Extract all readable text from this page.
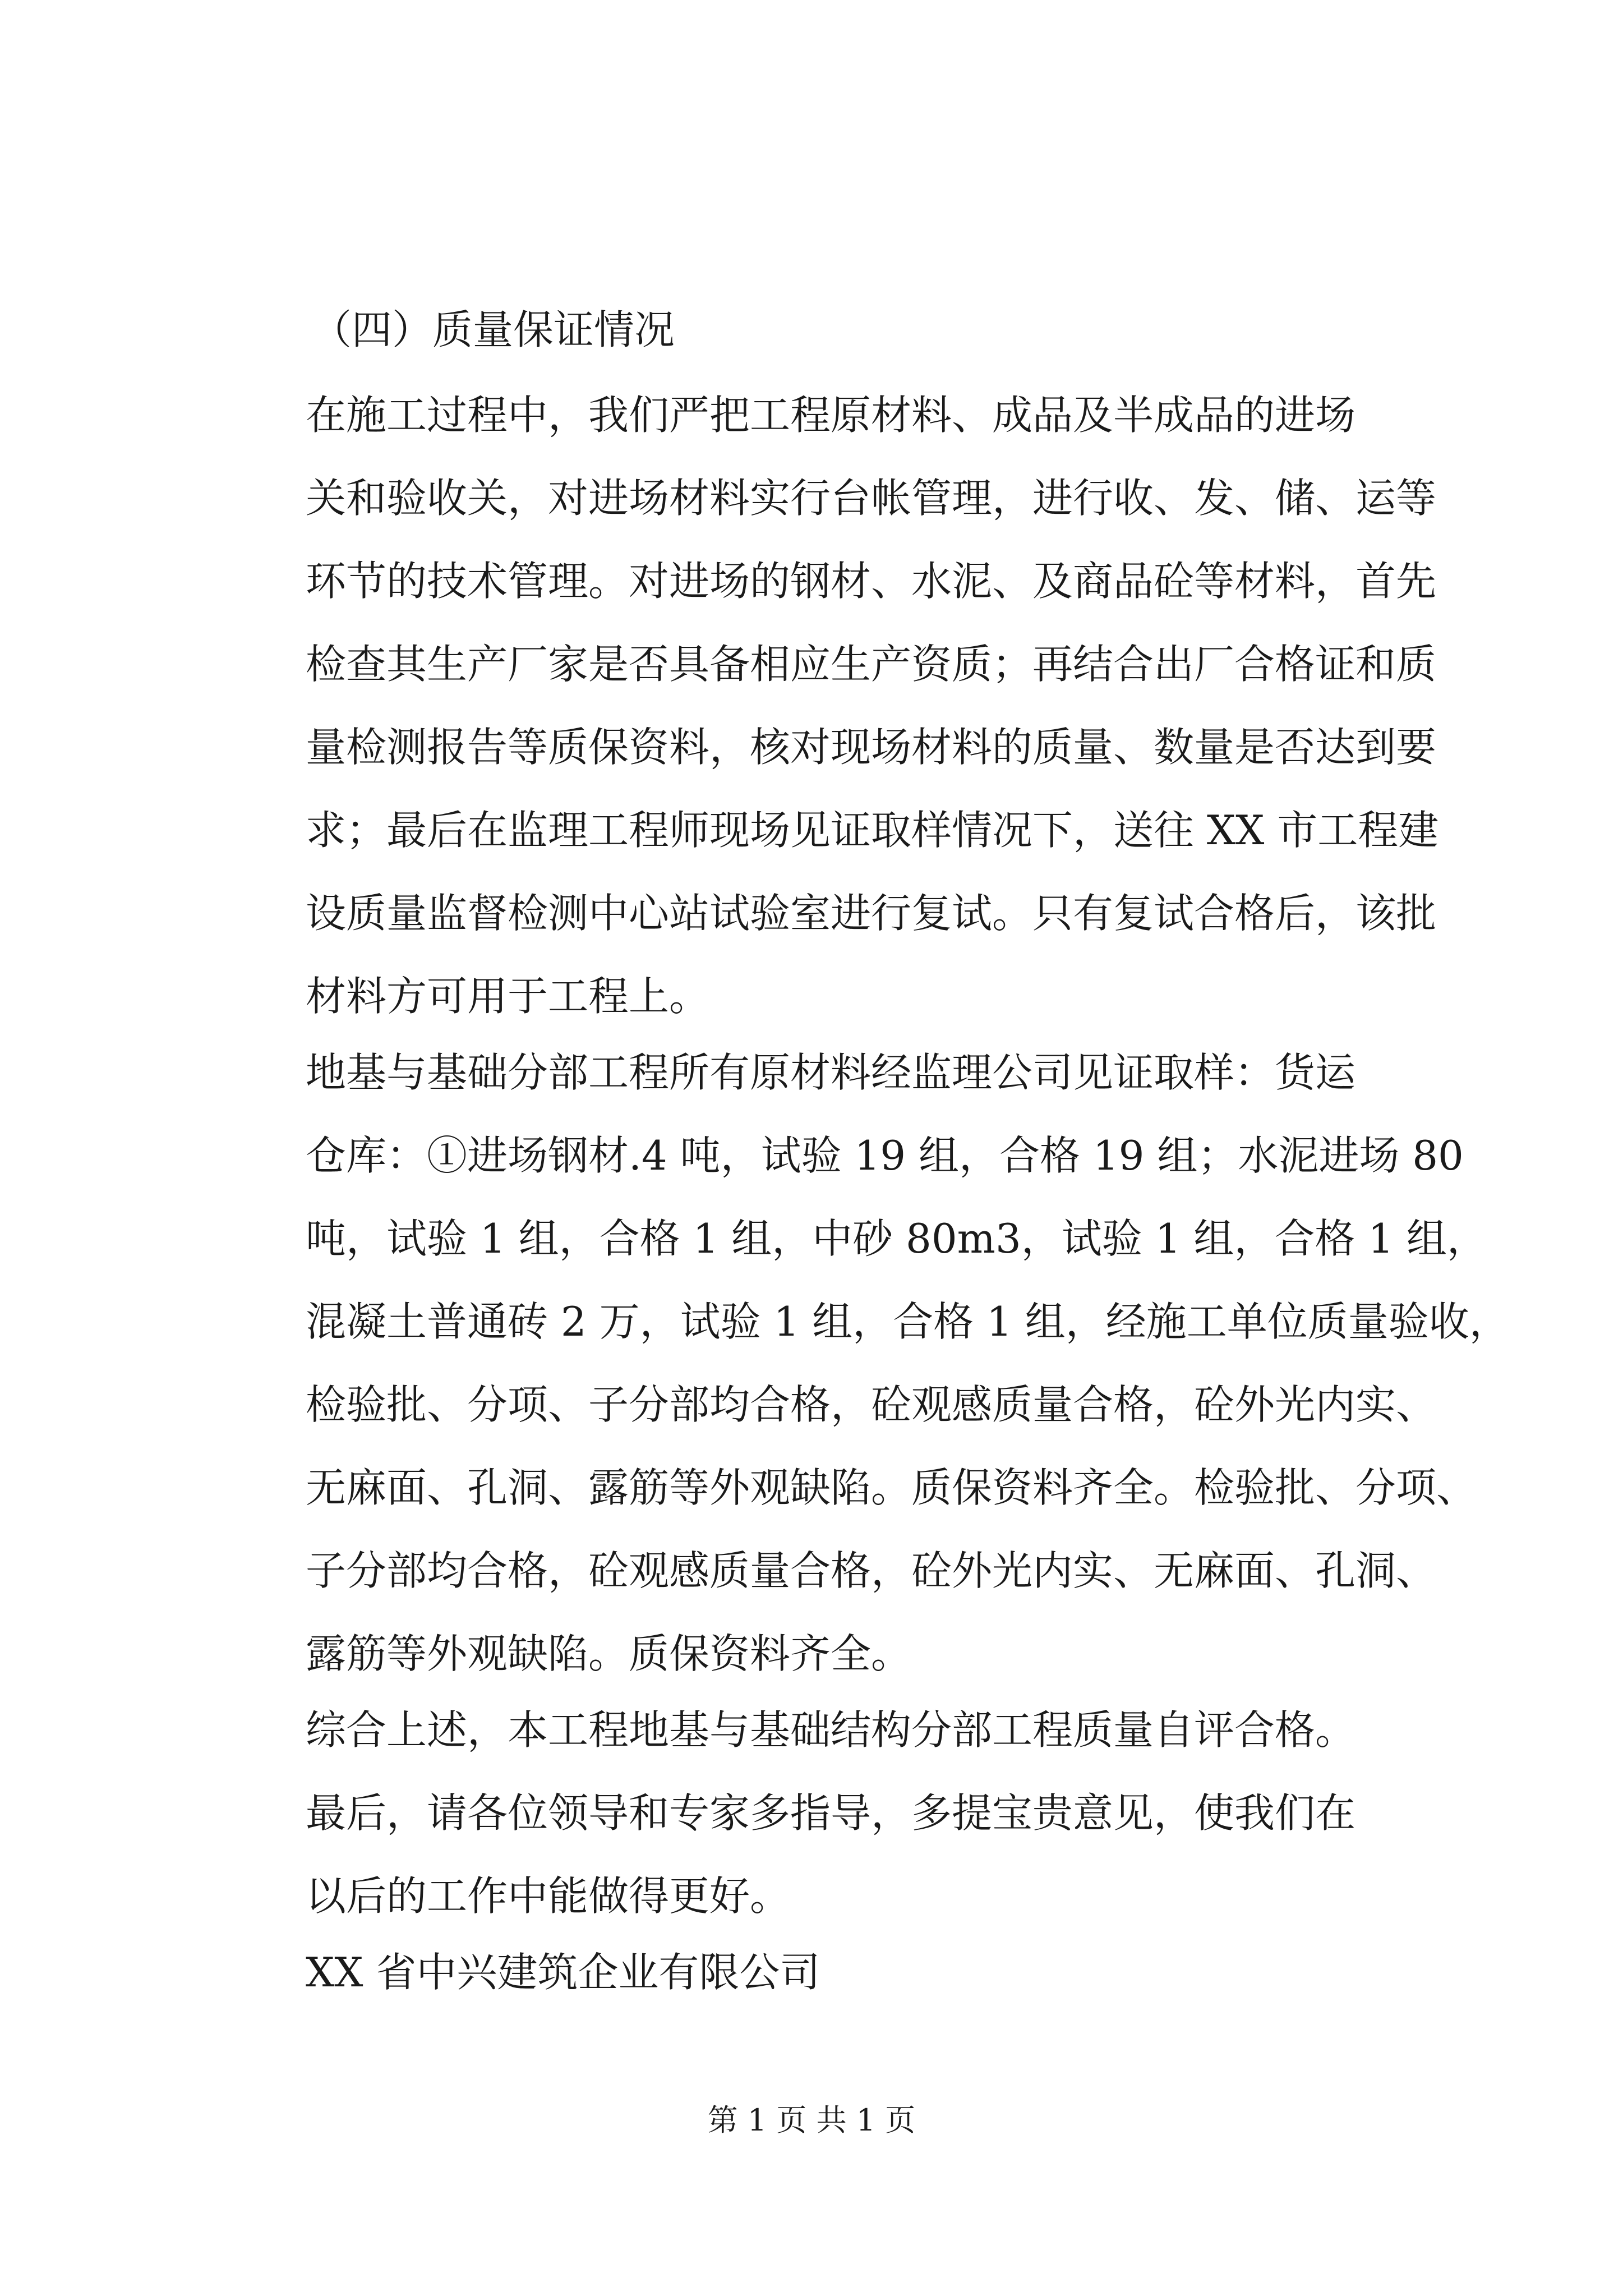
（四）质量保证情况
在施工过程中，我们严把工程原材料、成品及半成品的进场
关和验收关，对进场材料实行台帐管理，进行收、发、储、运等
环节的技术管理。对进场的钢材、水泥、及商品砼等材料，首先
检查其生产厂家是否具备相应生产资质；再结合出厂合格证和质
量检测报告等质保资料，核对现场材料的质量、数量是否达到要
求；最后在监理工程师现场见证取样情况下，送往 XX 市工程建
设质量监督检测中心站试验室进行复试。只有复试合格后，该批
材料方可用于工程上。
地基与基础分部工程所有原材料经监理公司见证取样：货运
仓库：①进场钢材.4 吨，试验 19 组，合格 19 组；水泥进场 80
吨，试验 1 组，合格 1 组，中砂 80m3，试验 1 组，合格 1 组，
混凝土普通砖 2 万，试验 1 组，合格 1 组，经施工单位质量验收，
检验批、分项、子分部均合格，砼观感质量合格，砼外光内实、
无麻面、孔洞、露筋等外观缺陷。质保资料齐全。检验批、分项、
子分部均合格，砼观感质量合格，砼外光内实、无麻面、孔洞、
露筋等外观缺陷。质保资料齐全。
综合上述，本工程地基与基础结构分部工程质量自评合格。
最后，请各位领导和专家多指导，多提宝贵意见，使我们在
以后的工作中能做得更好。
XX 省中兴建筑企业有限公司
第 1 页 共 1 页
